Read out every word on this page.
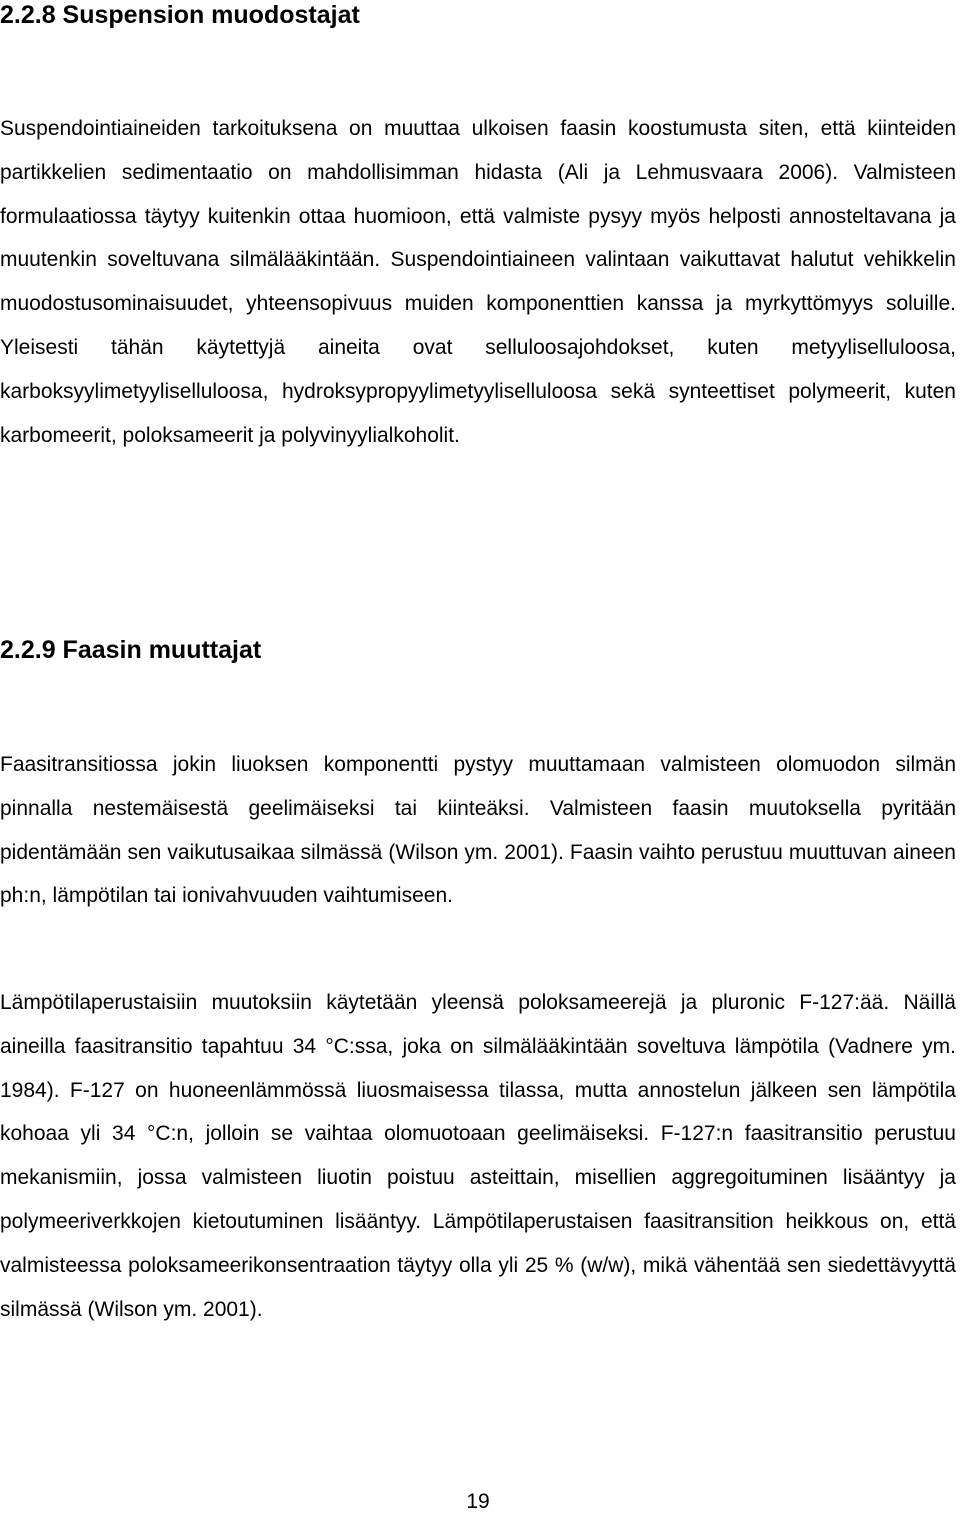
2.2.8 Suspension muodostajat

Suspendointiaineiden tarkoituksena on muuttaa ulkoisen faasin koostumusta siten, että kiinteiden partikkelien sedimentaatio on mahdollisimman hidasta (Ali ja Lehmusvaara 2006). Valmisteen formulaatiossa täytyy kuitenkin ottaa huomioon, että valmiste pysyy myös helposti annosteltavana ja muutenkin soveltuvana silmälääkintään. Suspendointiaineen valintaan vaikuttavat halutut vehikkelin muodostusominaisuudet, yhteensopivuus muiden komponenttien kanssa ja myrkyttömyys soluille. Yleisesti tähän käytettyjä aineita ovat selluloosajohdokset, kuten metyyliselluloosa, karboksyylimetyyliselluloosa, hydroksypropyylimetyyliselluloosa sekä synteettiset polymeerit, kuten karbomeerit, poloksameerit ja polyvinyylialkoholit.

2.2.9 Faasin muuttajat

Faasitransitiossa jokin liuoksen komponentti pystyy muuttamaan valmisteen olomuodon silmän pinnalla nestemäisestä geelimäiseksi tai kiinteäksi. Valmisteen faasin muutoksella pyritään pidentämään sen vaikutusaikaa silmässä (Wilson ym. 2001). Faasin vaihto perustuu muuttuvan aineen ph:n, lämpötilan tai ionivahvuuden vaihtumiseen.

Lämpötilaperustaisiin muutoksiin käytetään yleensä poloksameerejä ja pluronic F-127:ää. Näillä aineilla faasitransitio tapahtuu 34 °C:ssa, joka on silmälääkintään soveltuva lämpötila (Vadnere ym. 1984). F-127 on huoneenlämmössä liuosmaisessa tilassa, mutta annostelun jälkeen sen lämpötila kohoaa yli 34 °C:n, jolloin se vaihtaa olomuotoaan geelimäiseksi. F-127:n faasitransitio perustuu mekanismiin, jossa valmisteen liuotin poistuu asteittain, misellien aggregoituminen lisääntyy ja polymeeriverkkojen kietoutuminen lisääntyy. Lämpötilaperustaisen faasitransition heikkous on, että valmisteessa poloksameerikonsentraation täytyy olla yli 25 % (w/w), mikä vähentää sen siedettävyyttä silmässä (Wilson ym. 2001).

19
